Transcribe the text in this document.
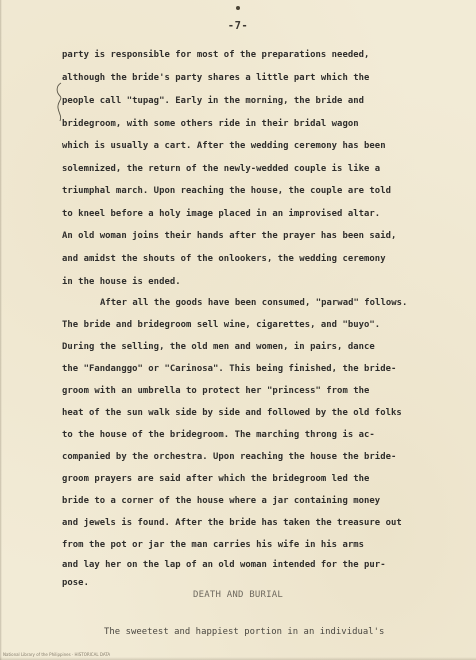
-7-
party is responsible for most of the preparations needed,
although the bride's party shares a little part which the
people call "tupag". Early in the morning, the bride and
bridegroom, with some others ride in their bridal wagon
which is usually a cart. After the wedding ceremony has been
solemnized, the return of the newly-wedded couple is like a
triumphal march. Upon reaching the house, the couple are told
to kneel before a holy image placed in an improvised altar.
An old woman joins their hands after the prayer has been said,
and amidst the shouts of the onlookers, the wedding ceremony
in the house is ended.
After all the goods have been consumed, "parwad" follows.
The bride and bridegroom sell wine, cigarettes, and "buyo".
During the selling, the old men and women, in pairs, dance
the "Fandanggo" or "Carinosa". This being finished, the bride-
groom with an umbrella to protect her "princess" from the
heat of the sun walk side by side and followed by the old folks
to the house of the bridegroom. The marching throng is ac-
companied by the orchestra. Upon reaching the house the bride-
groom prayers are said after which the bridegroom led the
bride to a corner of the house where a jar containing money
and jewels is found. After the bride has taken the treasure out
from the pot or jar the man carries his wife in his arms
and lay her on the lap of an old woman intended for the pur-
DEATH AND BURIAL
The sweetest and happiest portion in an individual's
National Library of the Philippines · HISTORICAL DATA
pose.
